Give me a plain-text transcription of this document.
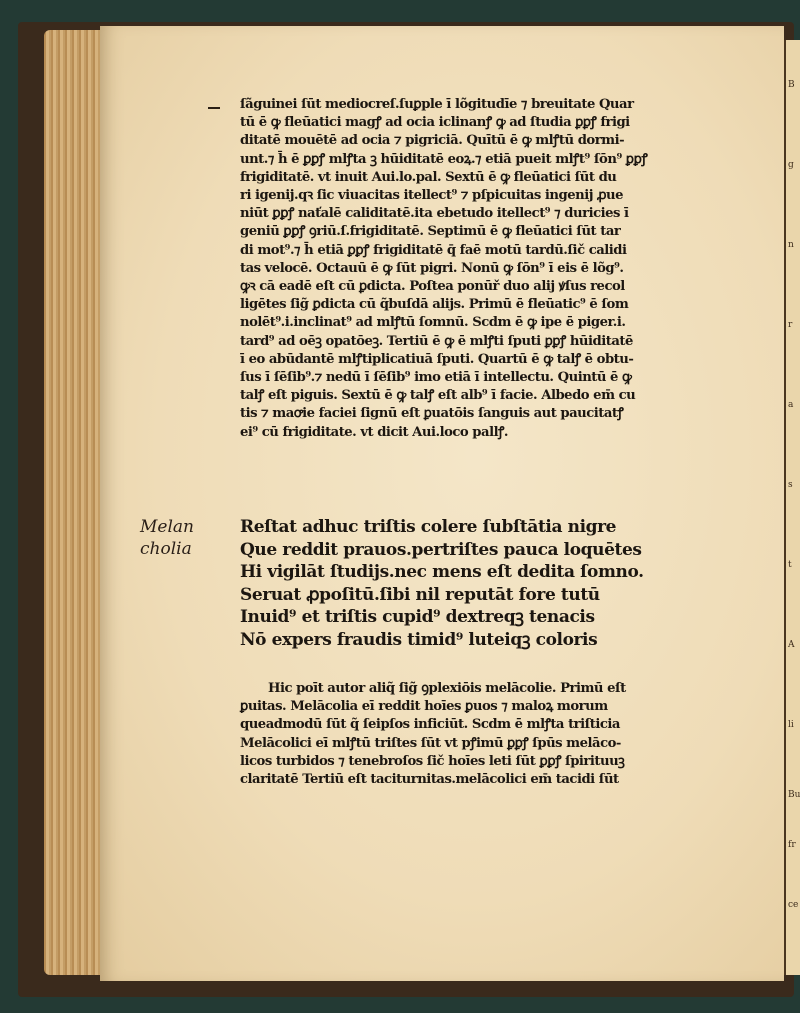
B
g
n
r
a
s
t
A
li
Bu
fr
ce
ſãguinei ſūt mediocreſ.ſuꝑple ī lõgitudīe ⁊ breuitate Quar
tū ē ꝙ fleūatici magꝭ ad ocia iclinanꝭ ꝙ ad ſtudia ꝑꝑꝭ frigi
ditatē mouētē ad ocia ⁊ pigriciā. Quītū ē ꝙ mlꝭtū dormi-
unt.⁊ h̄ ē ꝑꝑꝭ mlꝭta ꝫ hūiditatē eoꝝ.⁊ etiā pueit mlꝭt⁹ ſōn⁹ ꝑꝑꝭ
frigiditatē. vt inuit Aui.lo.pal. Sextū ē ꝙ fleūatici ſūt du
ri igenij.qꝛ ſic viuacitas itellect⁹ ⁊ pſpicuitas ingenij ꝓue
niūt ꝑꝑꝭ naťalē caliditatē.ita ebetudo itellect⁹ ⁊ duricies ī
geniū ꝑꝑꝭ ꝯriū.ſ.frigiditatē. Septimū ē ꝙ fleūatici ſūt tar
di mot⁹.⁊ h̄ etiā ꝑꝑꝭ frigiditatē q̄ faē motū tardū.ſič calidi
tas velocē. Octauū ē ꝙ ſūt pigri. Nonū ꝙ ſōn⁹ ī eis ē lõg⁹.
ꝙꝛ cā eadē eſt cū ꝑdicta. Poſtea ponūř duo alij ꝟſus recol
ligētes ſig̃ ꝑdicta cū q̃buſdā alijs. Primū ē fleūatic⁹ ē ſom
nolēt⁹.i.inclinat⁹ ad mlꝭtū ſomnū. Scdm ē ꝙ ipe ē piger.i.
tard⁹ ad oēꝫ opatōeꝫ. Tertiū ē ꝙ ē mlꝭti ſputi ꝑꝑꝭ hūiditatē
ī eo abūdantē mlꝭtiplicatiuā ſputi. Quartū ē ꝙ talꝭ ē obtu-
ſus ī ſēſib⁹.⁊ nedū ī ſēſib⁹ imo etiā ī intellectu. Quintū ē ꝙ
talꝭ eſt piguis. Sextū ē ꝙ talꝭ eſt alb⁹ ī facie. Albedo em̄ cu
tis ⁊ maꝍie faciei ſignū eſt ꝑuatōis ſanguis aut paucitatꝭ
ei⁹ cū frigiditate. vt dicit Aui.loco pallꝭ.
Melan
cholia
Reſtat adhuc triſtis colere ſubſtātia nigre
Que reddit prauos.pertriſtes pauca loquētes
Hi vigilāt ſtudijs.nec mens eſt dedita ſomno.
Seruat ꝓpoſitū.ſibi nil reputāt fore tutū
Inuid⁹ et triſtis cupid⁹ dextreqꝫ tenacis
Nō expers fraudis timid⁹ luteiqꝫ coloris
Hic poīt autor aliq̃ ſig̃ ꝯplexiōis melācolie. Primū eſt
ꝑuitas. Melācolia eī reddit hoīes ꝑuos ⁊ maloꝝ morum
queadmodū ſūt q̃ ſeipſos inficiūt. Scdm ē mlꝭta triſticia
Melācolici eī mlꝭtū triſtes ſūt vt pꝭimū ꝑꝑꝭ ſpūs melāco-
licos turbidos ⁊ tenebroſos ſič hoīes leti ſūt ꝑꝑꝭ ſpirituuꝫ
claritatē Tertiū eſt taciturnitas.melācolici em̄ tacidi ſūt
